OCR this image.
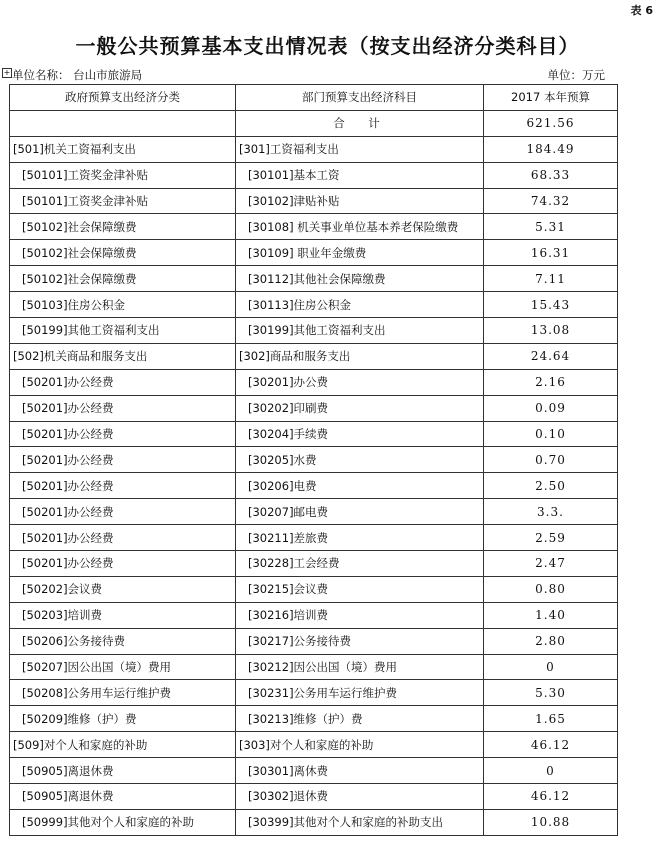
表 6
一般公共预算基本支出情况表（按支出经济分类科目）
+ 单位名称： 台山市旅游局	单位：万元
政府预算支出经济分类	部门预算支出经济科目	2017 本年预算
	合　计	621.56
[501]机关工资福利支出	[301]工资福利支出	184.49
[50101]工资奖金津补贴	[30101]基本工资	68.33
[50101]工资奖金津补贴	[30102]津贴补贴	74.32
[50102]社会保障缴费	[30108] 机关事业单位基本养老保险缴费	5.31
[50102]社会保障缴费	[30109] 职业年金缴费	16.31
[50102]社会保障缴费	[30112]其他社会保障缴费	7.11
[50103]住房公积金	[30113]住房公积金	15.43
[50199]其他工资福利支出	[30199]其他工资福利支出	13.08
[502]机关商品和服务支出	[302]商品和服务支出	24.64
[50201]办公经费	[30201]办公费	2.16
[50201]办公经费	[30202]印刷费	0.09
[50201]办公经费	[30204]手续费	0.10
[50201]办公经费	[30205]水费	0.70
[50201]办公经费	[30206]电费	2.50
[50201]办公经费	[30207]邮电费	3.3.
[50201]办公经费	[30211]差旅费	2.59
[50201]办公经费	[30228]工会经费	2.47
[50202]会议费	[30215]会议费	0.80
[50203]培训费	[30216]培训费	1.40
[50206]公务接待费	[30217]公务接待费	2.80
[50207]因公出国（境）费用	[30212]因公出国（境）费用	0
[50208]公务用车运行维护费	[30231]公务用车运行维护费	5.30
[50209]维修（护）费	[30213]维修（护）费	1.65
[509]对个人和家庭的补助	[303]对个人和家庭的补助	46.12
[50905]离退休费	[30301]离休费	0
[50905]离退休费	[30302]退休费	46.12
[50999]其他对个人和家庭的补助	[30399]其他对个人和家庭的补助支出	10.88
